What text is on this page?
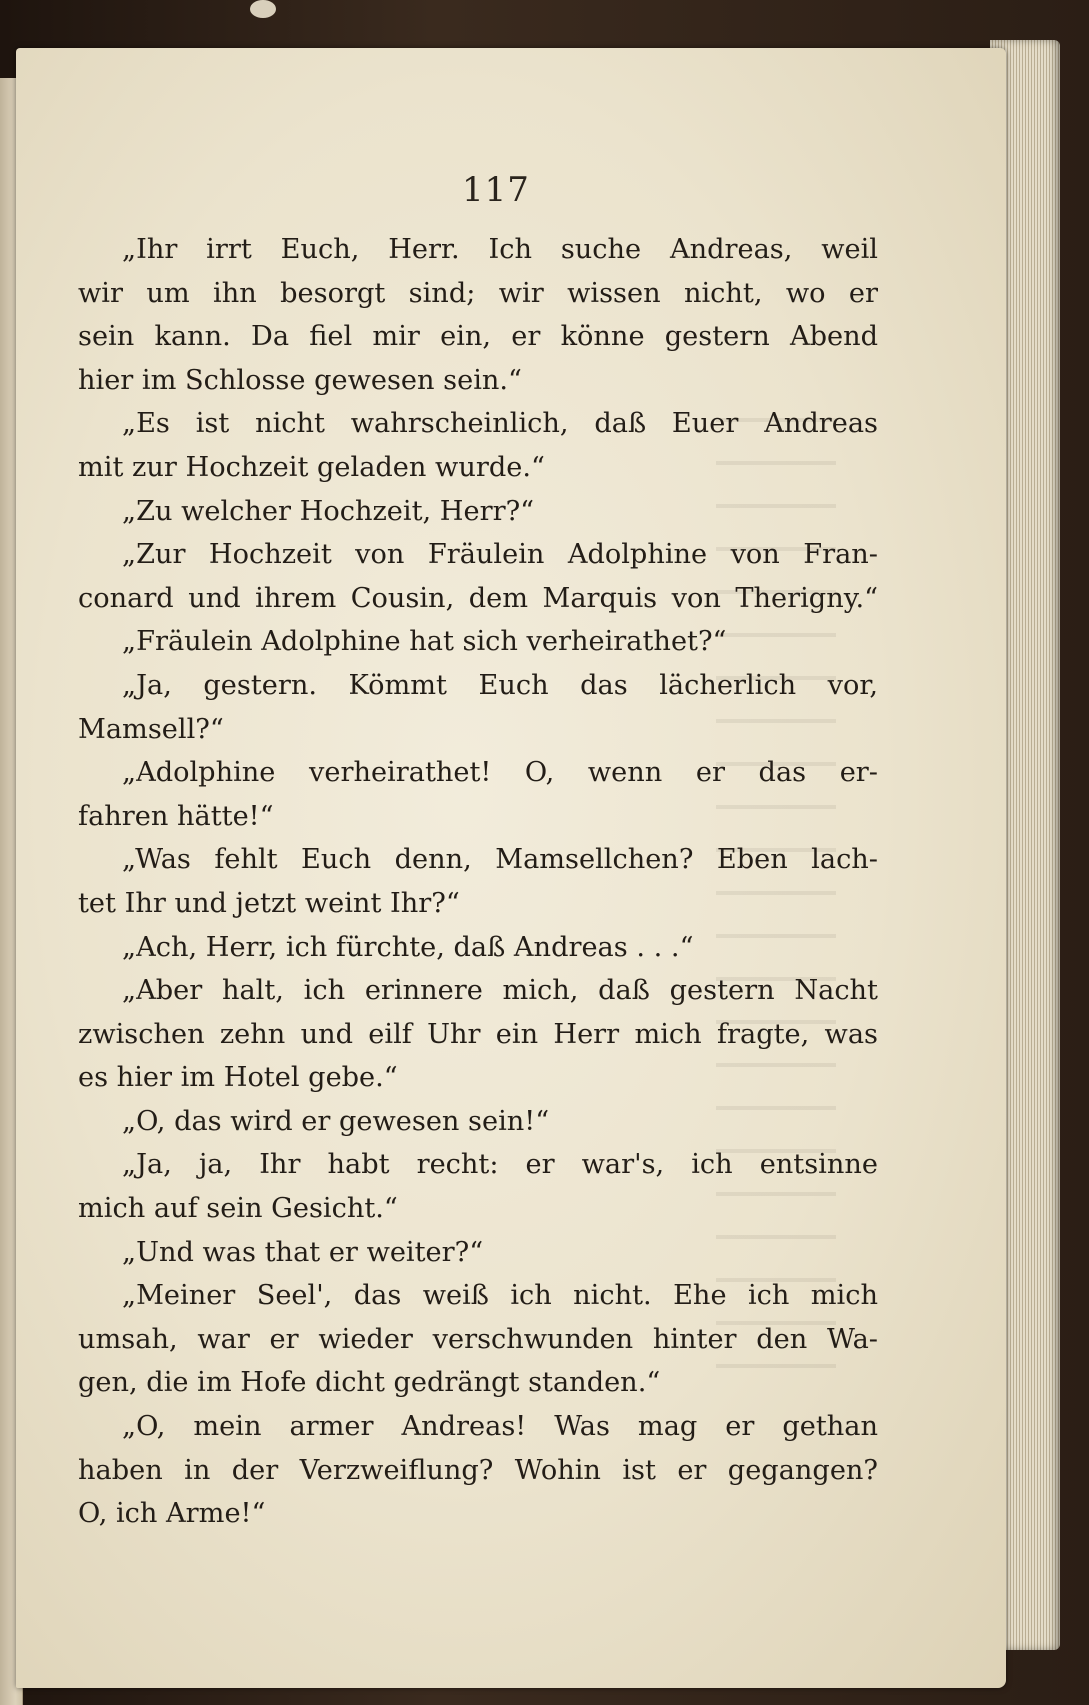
117
„Ihr irrt Euch, Herr. Ich suche Andreas, weil
wir um ihn besorgt sind; wir wissen nicht, wo er
sein kann. Da fiel mir ein, er könne gestern Abend
hier im Schlosse gewesen sein.“
„Es ist nicht wahrscheinlich, daß Euer Andreas
mit zur Hochzeit geladen wurde.“
„Zu welcher Hochzeit, Herr?“
„Zur Hochzeit von Fräulein Adolphine von Fran-
conard und ihrem Cousin, dem Marquis von Therigny.“
„Fräulein Adolphine hat sich verheirathet?“
„Ja, gestern. Kömmt Euch das lächerlich vor,
Mamsell?“
„Adolphine verheirathet! O, wenn er das er-
fahren hätte!“
„Was fehlt Euch denn, Mamsellchen? Eben lach-
tet Ihr und jetzt weint Ihr?“
„Ach, Herr, ich fürchte, daß Andreas . . .“
„Aber halt, ich erinnere mich, daß gestern Nacht
zwischen zehn und eilf Uhr ein Herr mich fragte, was
es hier im Hotel gebe.“
„O, das wird er gewesen sein!“
„Ja, ja, Ihr habt recht: er war's, ich entsinne
mich auf sein Gesicht.“
„Und was that er weiter?“
„Meiner Seel', das weiß ich nicht. Ehe ich mich
umsah, war er wieder verschwunden hinter den Wa-
gen, die im Hofe dicht gedrängt standen.“
„O, mein armer Andreas! Was mag er gethan
haben in der Verzweiflung? Wohin ist er gegangen?
O, ich Arme!“
